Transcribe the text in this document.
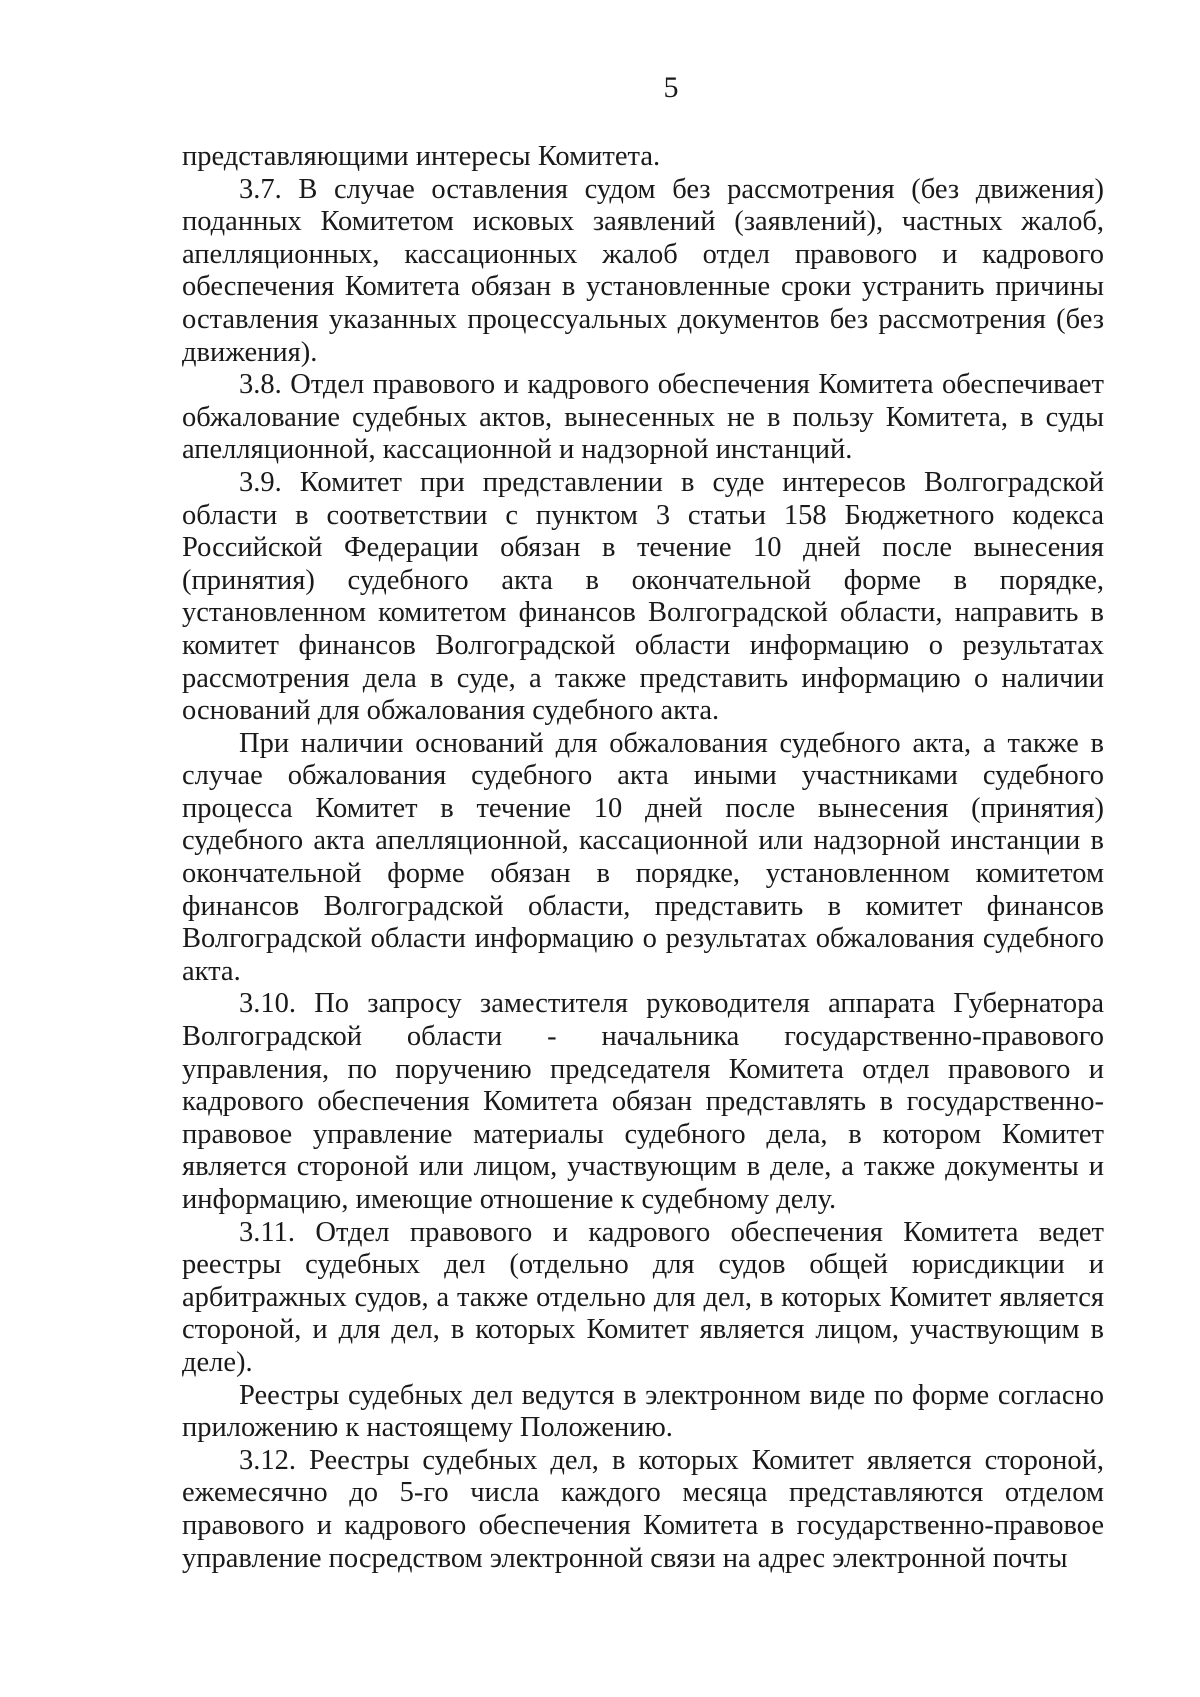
5

представляющими интересы Комитета.

3.7. В случае оставления судом без рассмотрения (без движения) поданных Комитетом исковых заявлений (заявлений), частных жалоб, апелляционных, кассационных жалоб отдел правового и кадрового обеспечения Комитета обязан в установленные сроки устранить причины оставления указанных процессуальных документов без рассмотрения (без движения).

3.8. Отдел правового и кадрового обеспечения Комитета обеспечивает обжалование судебных актов, вынесенных не в пользу Комитета, в суды апелляционной, кассационной и надзорной инстанций.

3.9. Комитет при представлении в суде интересов Волгоградской области в соответствии с пунктом 3 статьи 158 Бюджетного кодекса Российской Федерации обязан в течение 10 дней после вынесения (принятия) судебного акта в окончательной форме в порядке, установленном комитетом финансов Волгоградской области, направить в комитет финансов Волгоградской области информацию о результатах рассмотрения дела в суде, а также представить информацию о наличии оснований для обжалования судебного акта.

При наличии оснований для обжалования судебного акта, а также в случае обжалования судебного акта иными участниками судебного процесса Комитет в течение 10 дней после вынесения (принятия) судебного акта апелляционной, кассационной или надзорной инстанции в окончательной форме обязан в порядке, установленном комитетом финансов Волгоградской области, представить в комитет финансов Волгоградской области информацию о результатах обжалования судебного акта.

3.10. По запросу заместителя руководителя аппарата Губернатора Волгоградской области - начальника государственно-правового управления, по поручению председателя Комитета отдел правового и кадрового обеспечения Комитета обязан представлять в государственно-правовое управление материалы судебного дела, в котором Комитет является стороной или лицом, участвующим в деле, а также документы и информацию, имеющие отношение к судебному делу.

3.11. Отдел правового и кадрового обеспечения Комитета ведет реестры судебных дел (отдельно для судов общей юрисдикции и арбитражных судов, а также отдельно для дел, в которых Комитет является стороной, и для дел, в которых Комитет является лицом, участвующим в деле).

Реестры судебных дел ведутся в электронном виде по форме согласно приложению к настоящему Положению.

3.12. Реестры судебных дел, в которых Комитет является стороной, ежемесячно до 5-го числа каждого месяца представляются отделом правового и кадрового обеспечения Комитета в государственно-правовое управление посредством электронной связи на адрес электронной почты
